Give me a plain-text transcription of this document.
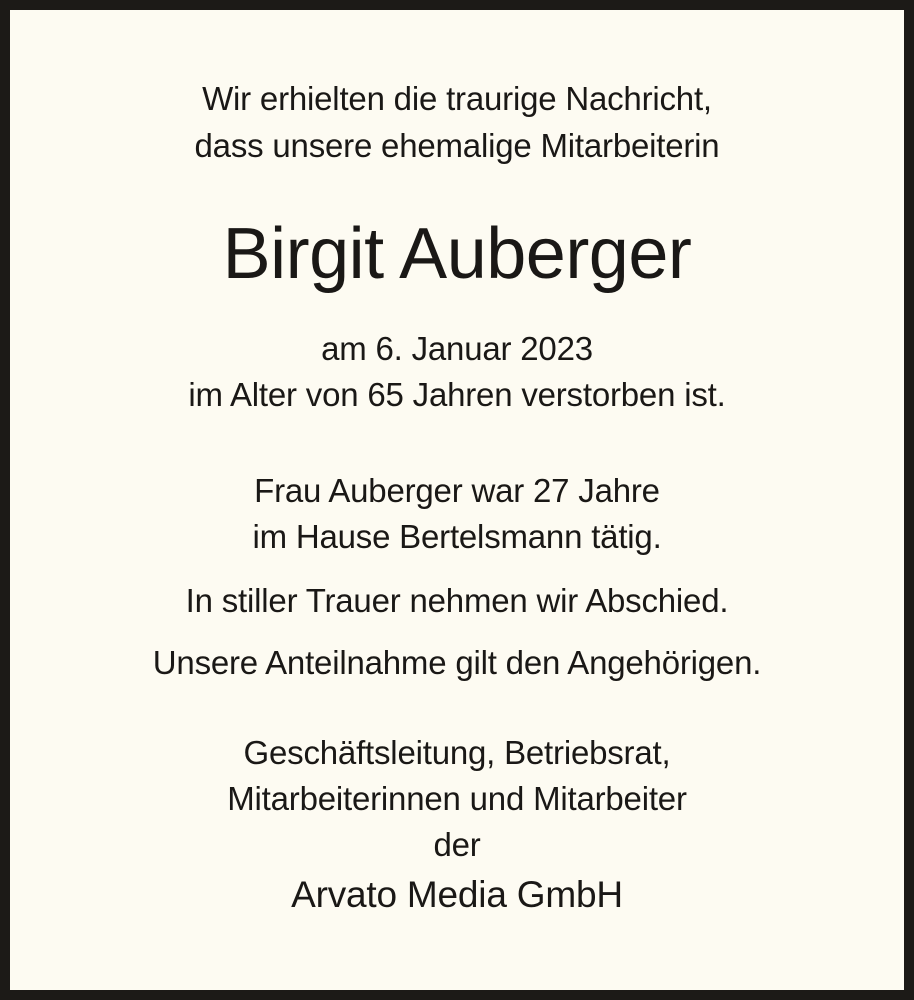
Wir erhielten die traurige Nachricht,
dass unsere ehemalige Mitarbeiterin
Birgit Auberger
am 6. Januar 2023
im Alter von 65 Jahren verstorben ist.
Frau Auberger war 27 Jahre
im Hause Bertelsmann tätig.
In stiller Trauer nehmen wir Abschied.
Unsere Anteilnahme gilt den Angehörigen.
Geschäftsleitung, Betriebsrat,
Mitarbeiterinnen und Mitarbeiter
der
Arvato Media GmbH
